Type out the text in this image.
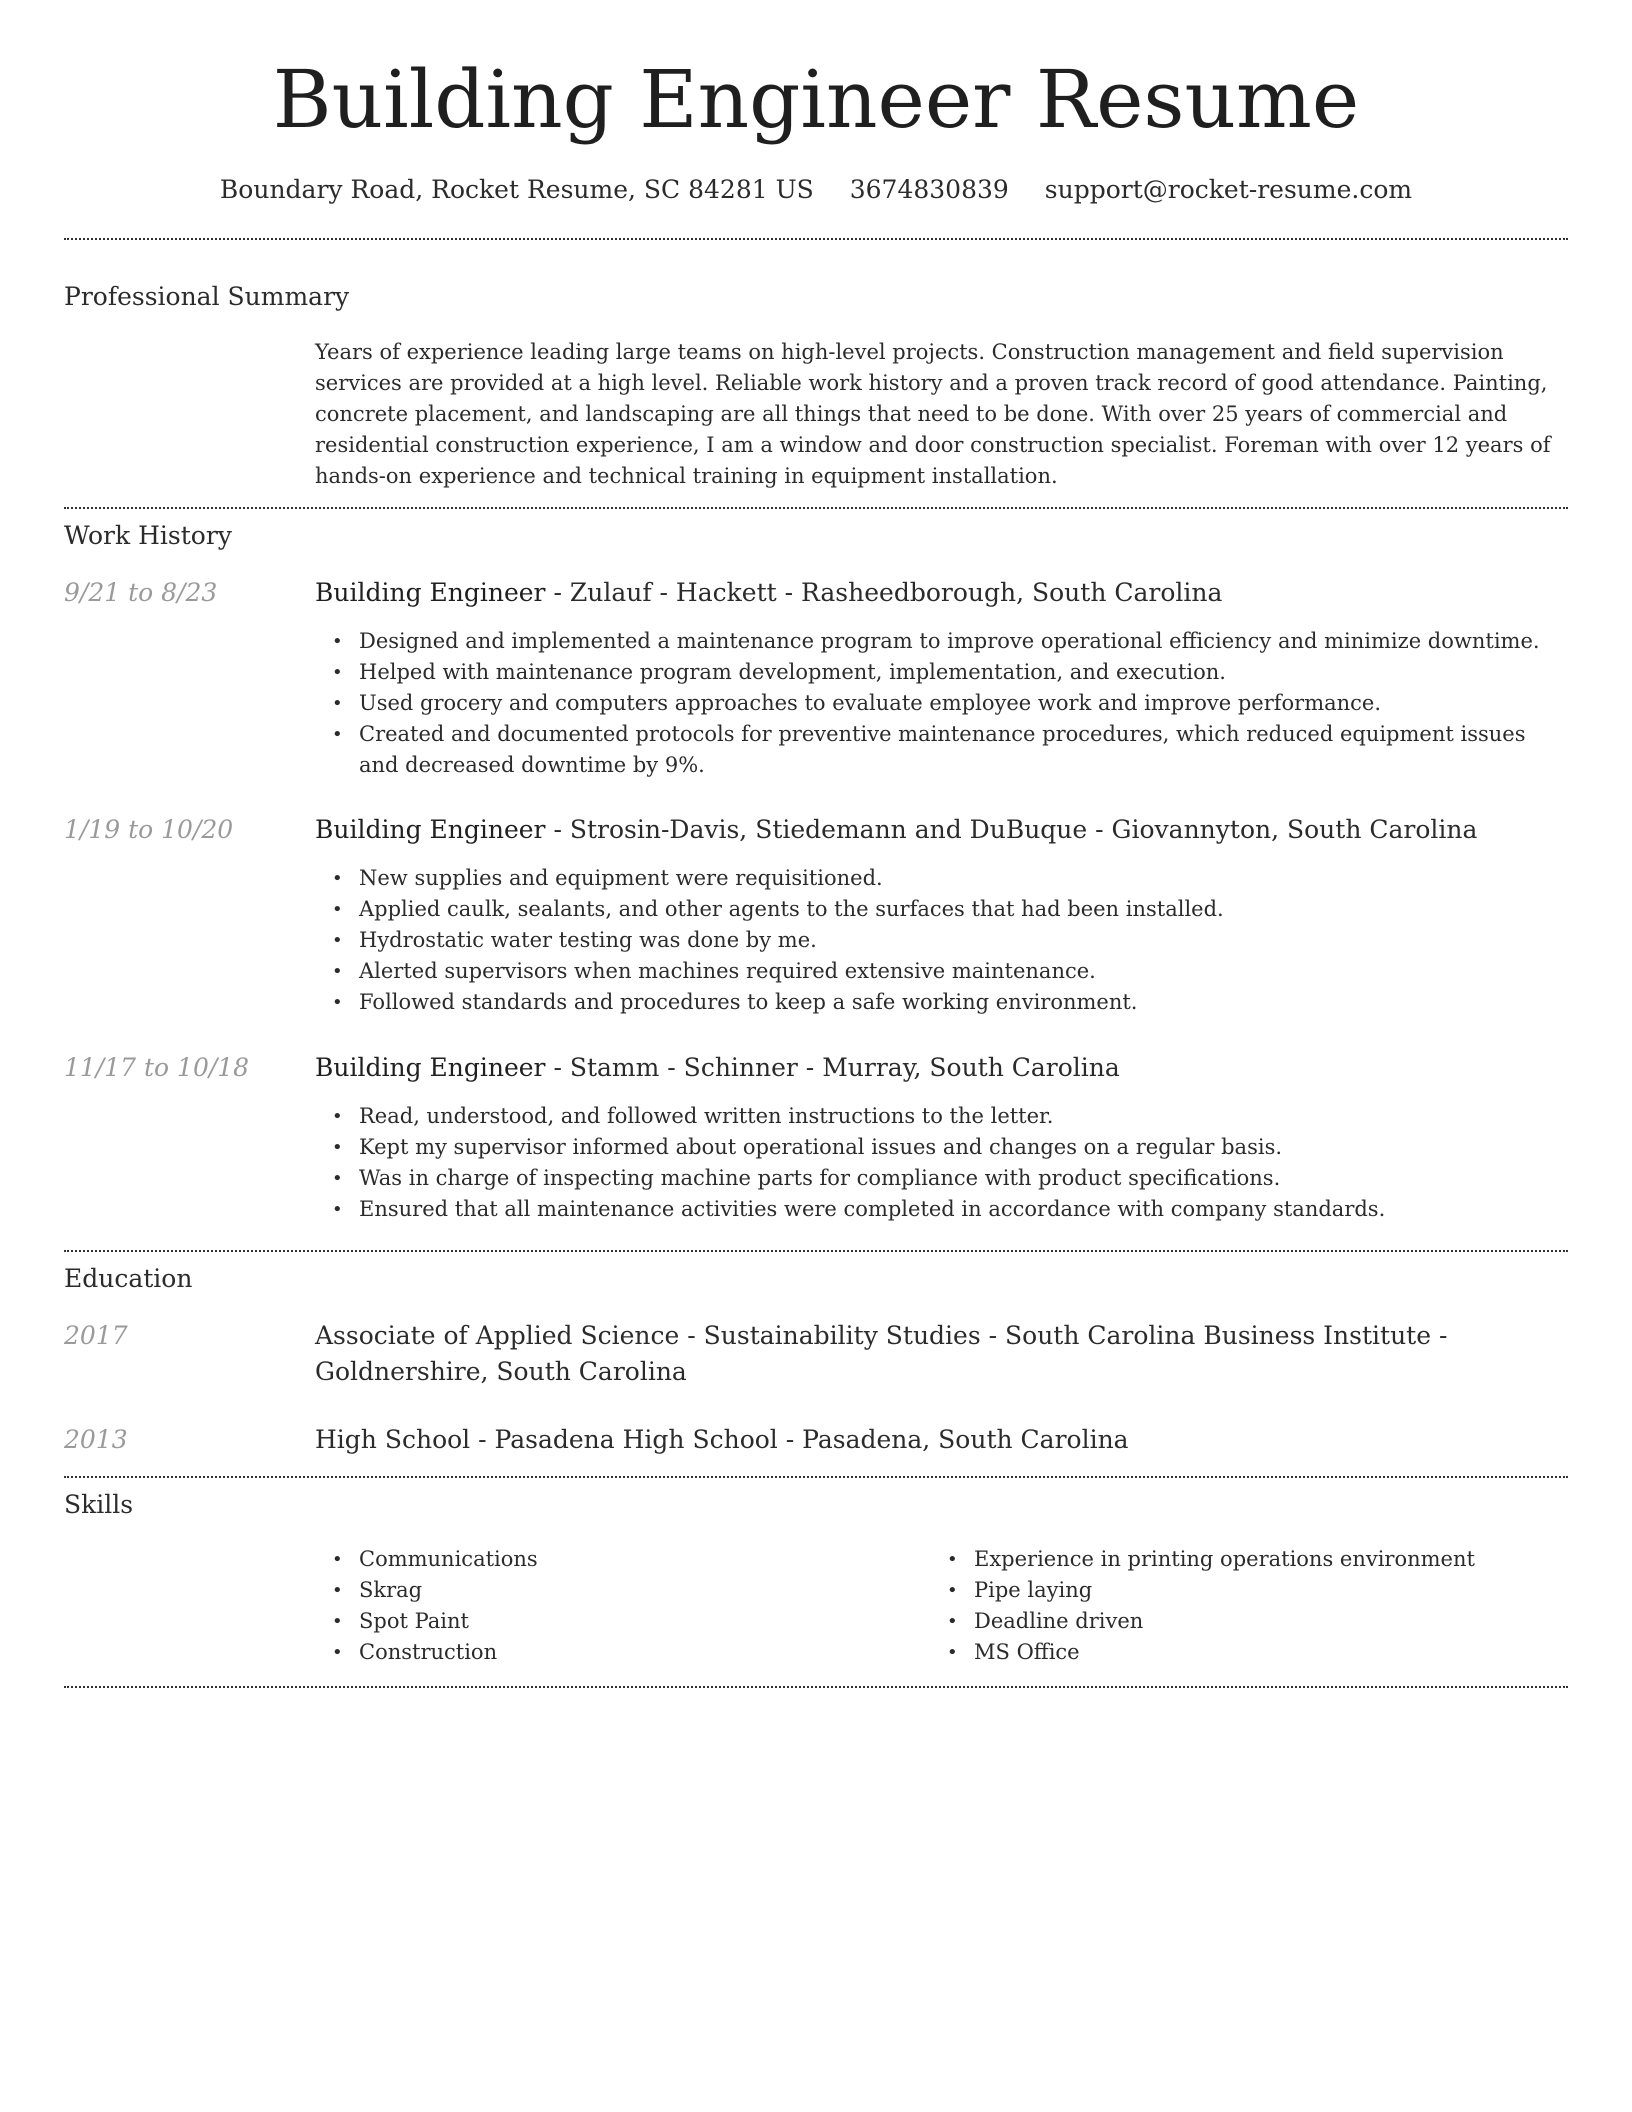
Building Engineer Resume
Boundary Road, Rocket Resume, SC 84281 US 3674830839 support@rocket-resume.com
Professional Summary
Years of experience leading large teams on high-level projects. Construction management and field supervision services are provided at a high level. Reliable work history and a proven track record of good attendance. Painting, concrete placement, and landscaping are all things that need to be done. With over 25 years of commercial and residential construction experience, I am a window and door construction specialist. Foreman with over 12 years of hands-on experience and technical training in equipment installation.
Work History
9/21 to 8/23	Building Engineer - Zulauf - Hackett - Rasheedborough, South Carolina
• Designed and implemented a maintenance program to improve operational efficiency and minimize downtime.
• Helped with maintenance program development, implementation, and execution.
• Used grocery and computers approaches to evaluate employee work and improve performance.
• Created and documented protocols for preventive maintenance procedures, which reduced equipment issues and decreased downtime by 9%.
1/19 to 10/20	Building Engineer - Strosin-Davis, Stiedemann and DuBuque - Giovannyton, South Carolina
• New supplies and equipment were requisitioned.
• Applied caulk, sealants, and other agents to the surfaces that had been installed.
• Hydrostatic water testing was done by me.
• Alerted supervisors when machines required extensive maintenance.
• Followed standards and procedures to keep a safe working environment.
11/17 to 10/18	Building Engineer - Stamm - Schinner - Murray, South Carolina
• Read, understood, and followed written instructions to the letter.
• Kept my supervisor informed about operational issues and changes on a regular basis.
• Was in charge of inspecting machine parts for compliance with product specifications.
• Ensured that all maintenance activities were completed in accordance with company standards.
Education
2017	Associate of Applied Science - Sustainability Studies - South Carolina Business Institute - Goldnershire, South Carolina
2013	High School - Pasadena High School - Pasadena, South Carolina
Skills
• Communications
• Skrag
• Spot Paint
• Construction
• Experience in printing operations environment
• Pipe laying
• Deadline driven
• MS Office
